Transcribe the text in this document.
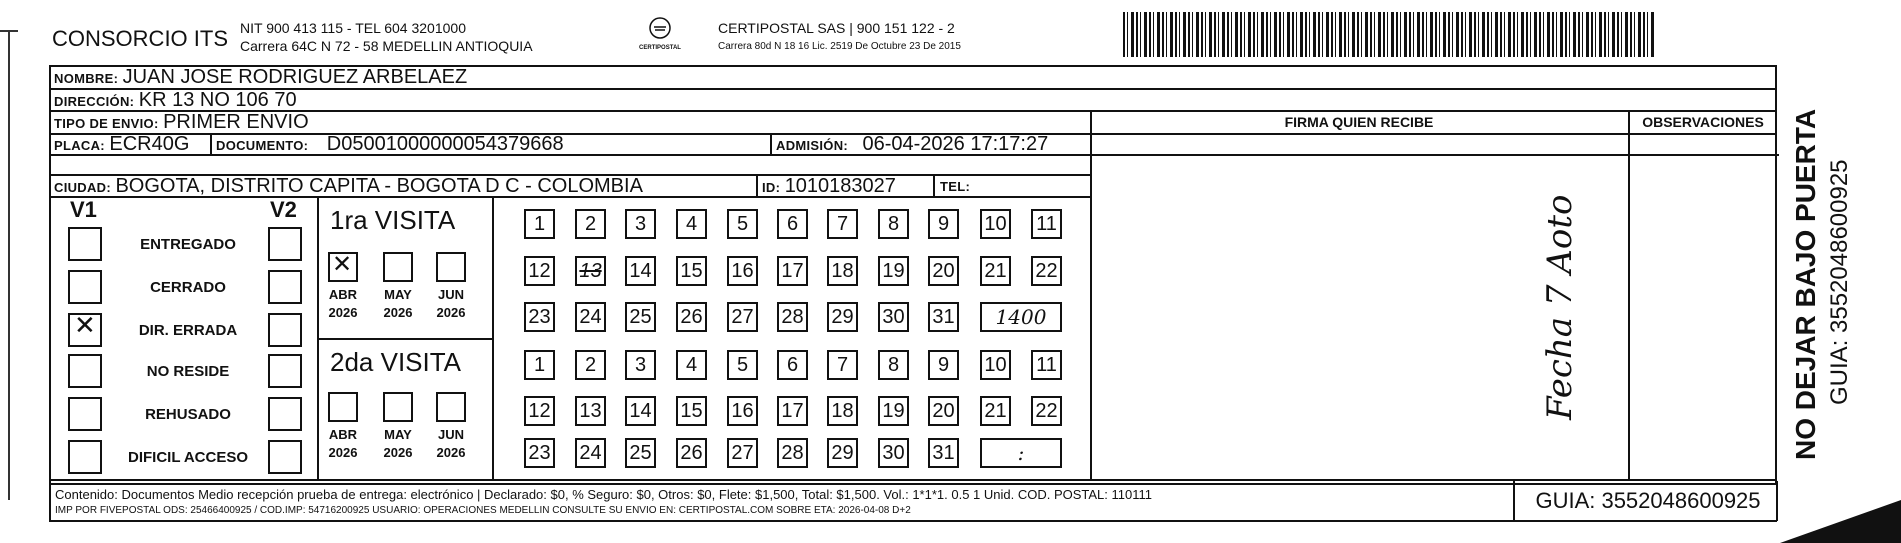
CONSORCIO ITS NIT 900 413 115 - TEL 604 3201000
Carrera 64C N 72 - 58 MEDELLIN ANTIOQUIA	CERTIPOSTAL
CERTIPOSTAL SAS | 900 151 122 - 2
Carrera 80d N 18 16 Lic. 2519 De Octubre 23 De 2015
NOMBRE: JUAN JOSE RODRIGUEZ ARBELAEZ
DIRECCIÓN: KR 13 NO 106 70
TIPO DE ENVIO: PRIMER ENVIO	FIRMA QUIEN RECIBE	OBSERVACIONES
PLACA: ECR40G DOCUMENTO: D05001000000054379668	ADMISIÓN: 06-04-2026 17:17:27
CIUDAD: BOGOTA, DISTRITO CAPITA - BOGOTA D C - COLOMBIA	ID: 1010183027	TEL:
V1	V2
ENTREGADO
CERRADO
✕	DIR. ERRADA
NO RESIDE
REHUSADO
DIFICIL ACCESO
1ra VISITA
✕
ABR
2026
MAY
2026
JUN
2026
1	2	3	4	5	6	7	8	9	10 11
12 13 14 15 16 17 18 19 20 21 22
23 24 25 26 27 28 29 30 31	1400
2da VISITA
ABR
2026
MAY
2026
JUN
2026
1	2	3	4	5	6	7	8	9	10 11
12 13 14 15 16 17 18 19 20 21 22
23 24 25 26 27 28 29 30 31	:
Fecha 7 Aoto
Contenido: Documentos Medio recepción prueba de entrega: electrónico | Declarado: $0, % Seguro: $0, Otros: $0, Flete: $1,500, Total: $1,500. Vol.: 1*1*1. 0.5 1 Unid. COD. POSTAL: 110111
IMP POR FIVEPOSTAL ODS: 25466400925 / COD.IMP: 54716200925 USUARIO: OPERACIONES MEDELLIN CONSULTE SU ENVIO EN: CERTIPOSTAL.COM SOBRE ETA: 2026-04-08 D+2	GUIA: 3552048600925
NO DEJAR BAJO PUERTA GUIA: 3552048600925
